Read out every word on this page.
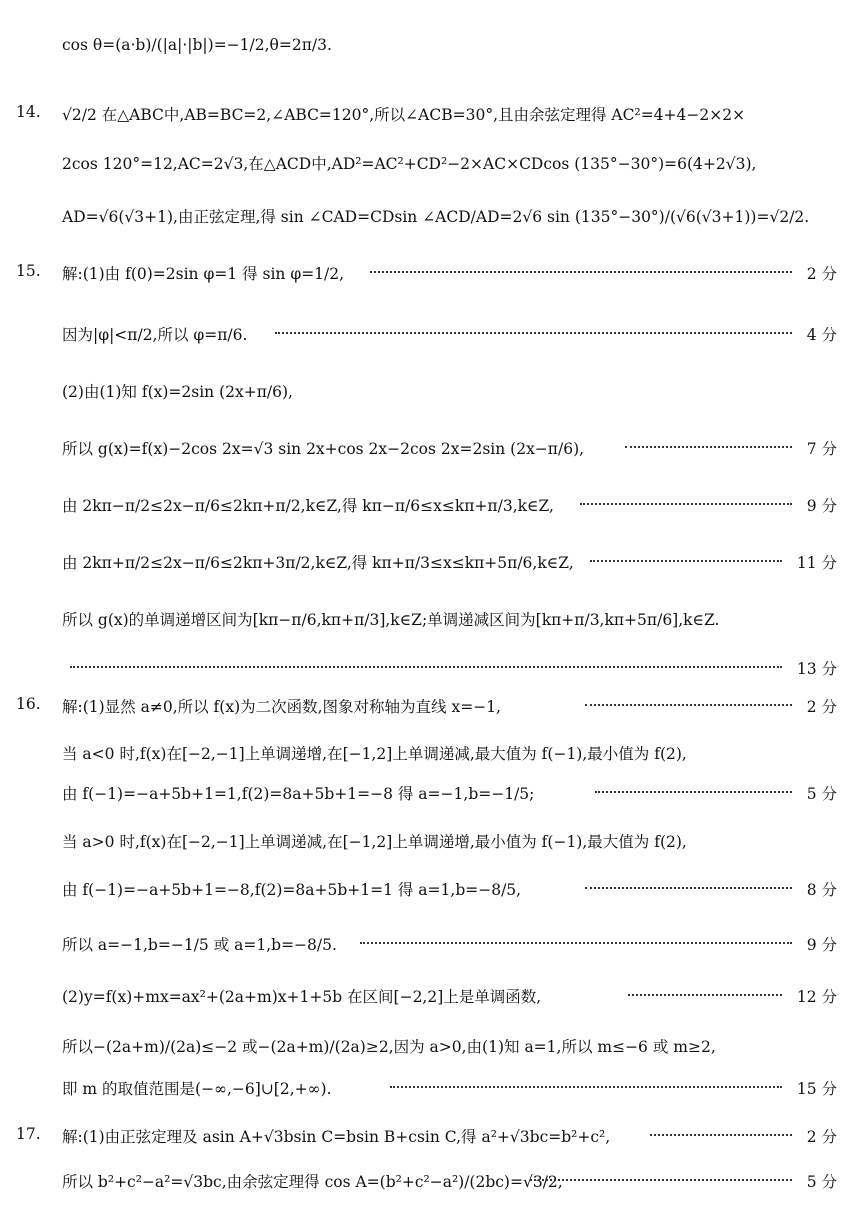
cos θ=(a·b)/(|a|·|b|)=−1/2,θ=2π/3.
14. √2/2 在△ABC中,AB=BC=2,∠ABC=120°,所以∠ACB=30°,且由余弦定理得 AC²=4+4−2×2×
2cos 120°=12,AC=2√3,在△ACD中,AD²=AC²+CD²−2×AC×CDcos (135°−30°)=6(4+2√3),
AD=√6(√3+1),由正弦定理,得 sin ∠CAD=CDsin ∠ACD/AD=2√6 sin (135°−30°)/(√6(√3+1))=√2/2.
15. 解:(1)由 f(0)=2sin φ=1 得 sin φ=1/2,	2 分
因为|φ|<π/2,所以 φ=π/6.	4 分
(2)由(1)知 f(x)=2sin (2x+π/6),
所以 g(x)=f(x)−2cos 2x=√3 sin 2x+cos 2x−2cos 2x=2sin (2x−π/6),	7 分
由 2kπ−π/2≤2x−π/6≤2kπ+π/2,k∈Z,得 kπ−π/6≤x≤kπ+π/3,k∈Z,	9 分
由 2kπ+π/2≤2x−π/6≤2kπ+3π/2,k∈Z,得 kπ+π/3≤x≤kπ+5π/6,k∈Z,	11 分
所以 g(x)的单调递增区间为[kπ−π/6,kπ+π/3],k∈Z;单调递减区间为[kπ+π/3,kπ+5π/6],k∈Z.
13 分
16. 解:(1)显然 a≠0,所以 f(x)为二次函数,图象对称轴为直线 x=−1,	2 分
当 a<0 时,f(x)在[−2,−1]上单调递增,在[−1,2]上单调递减,最大值为 f(−1),最小值为 f(2),
由 f(−1)=−a+5b+1=1,f(2)=8a+5b+1=−8 得 a=−1,b=−1/5;	5 分
当 a>0 时,f(x)在[−2,−1]上单调递减,在[−1,2]上单调递增,最小值为 f(−1),最大值为 f(2),
由 f(−1)=−a+5b+1=−8,f(2)=8a+5b+1=1 得 a=1,b=−8/5,	8 分
所以 a=−1,b=−1/5 或 a=1,b=−8/5.	9 分
(2)y=f(x)+mx=ax²+(2a+m)x+1+5b 在区间[−2,2]上是单调函数,	12 分
所以−(2a+m)/(2a)≤−2 或−(2a+m)/(2a)≥2,因为 a>0,由(1)知 a=1,所以 m≤−6 或 m≥2,
即 m 的取值范围是(−∞,−6]∪[2,+∞).	15 分
17. 解:(1)由正弦定理及 asin A+√3bsin C=bsin B+csin C,得 a²+√3bc=b²+c²,	2 分
所以 b²+c²−a²=√3bc,由余弦定理得 cos A=(b²+c²−a²)/(2bc)=√3/2,	5 分
